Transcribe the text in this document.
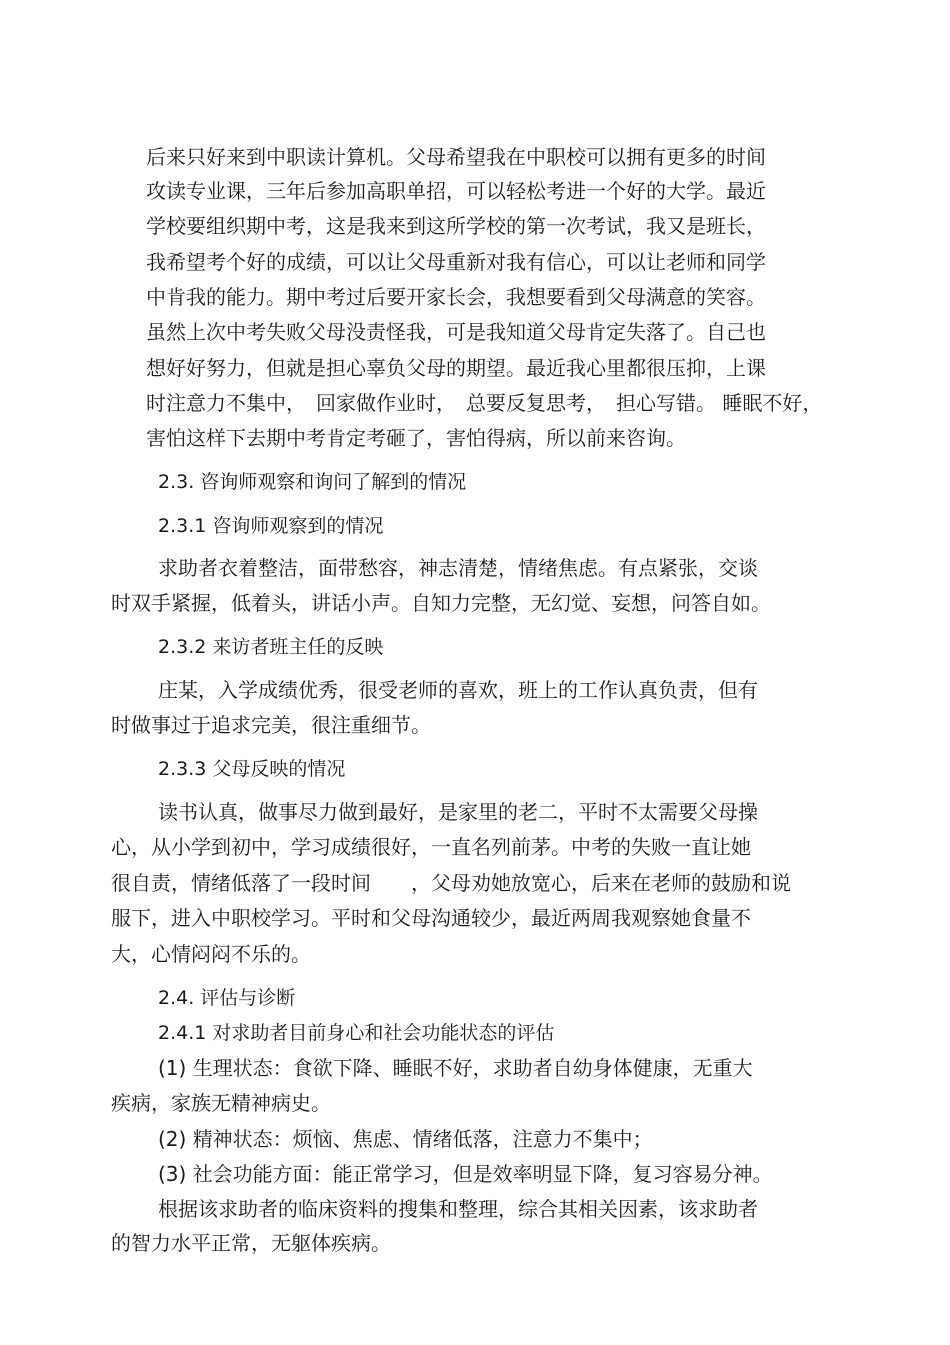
后来只好来到中职读计算机。父母希望我在中职校可以拥有更多的时间
攻读专业课，三年后参加高职单招，可以轻松考进一个好的大学。最近
学校要组织期中考，这是我来到这所学校的第一次考试，我又是班长，
我希望考个好的成绩，可以让父母重新对我有信心，可以让老师和同学
中肯我的能力。期中考过后要开家长会，我想要看到父母满意的笑容。
虽然上次中考失败父母没责怪我，可是我知道父母肯定失落了。自己也
想好好努力，但就是担心辜负父母的期望。最近我心里都很压抑，上课
时注意力不集中，　回家做作业时，　总要反复思考，　担心写错。 睡眠不好，
害怕这样下去期中考肯定考砸了，害怕得病，所以前来咨询。
2.3. 咨询师观察和询问了解到的情况
2.3.1 咨询师观察到的情况
求助者衣着整洁，面带愁容，神志清楚，情绪焦虑。有点紧张，交谈
时双手紧握，低着头，讲话小声。自知力完整，无幻觉、妄想，问答自如。
2.3.2 来访者班主任的反映
庄某，入学成绩优秀，很受老师的喜欢，班上的工作认真负责，但有
时做事过于追求完美，很注重细节。
2.3.3 父母反映的情况
读书认真，做事尽力做到最好，是家里的老二，平时不太需要父母操
心，从小学到初中，学习成绩很好，一直名列前茅。中考的失败一直让她
很自责，情绪低落了一段时间　　，父母劝她放宽心，后来在老师的鼓励和说
服下，进入中职校学习。平时和父母沟通较少，最近两周我观察她食量不
大，心情闷闷不乐的。
2.4. 评估与诊断
2.4.1 对求助者目前身心和社会功能状态的评估
(1) 生理状态：食欲下降、睡眠不好，求助者自幼身体健康，无重大
疾病，家族无精神病史。
(2) 精神状态：烦恼、焦虑、情绪低落，注意力不集中；
(3) 社会功能方面：能正常学习，但是效率明显下降，复习容易分神。
根据该求助者的临床资料的搜集和整理，综合其相关因素，该求助者
的智力水平正常，无躯体疾病。
